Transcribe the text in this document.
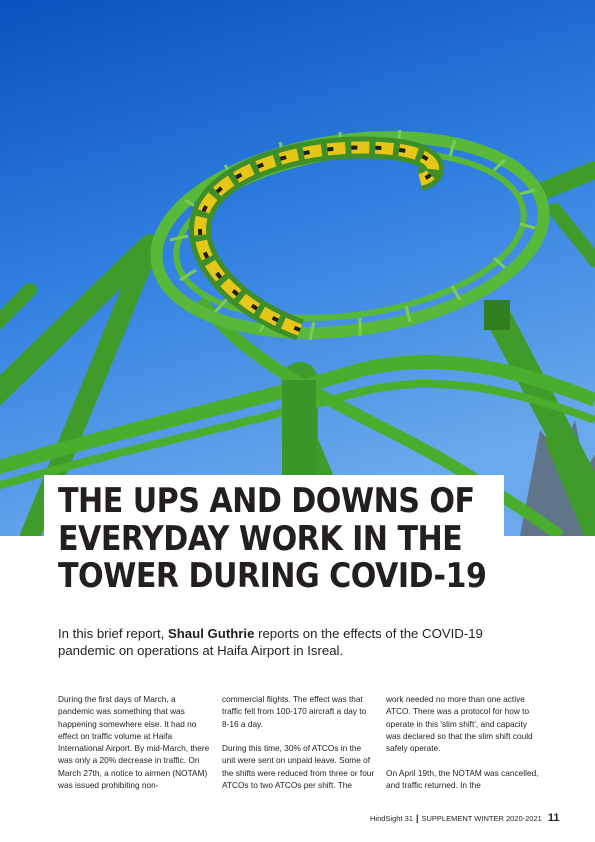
THE UPS AND DOWNS OF
EVERYDAY WORK IN THE
TOWER DURING COVID-19

In this brief report, Shaul Guthrie reports on the effects of the COVID-19 pandemic on operations at Haifa Airport in Isreal.

During the first days of March, a pandemic was something that was happening somewhere else. It had no effect on traffic volume at Haifa International Airport. By mid-March, there was only a 20% decrease in traffic. On March 27th, a notice to airmen (NOTAM) was issued prohibiting non-

commercial flights. The effect was that traffic fell from 100-170 aircraft a day to 8-16 a day.

During this time, 30% of ATCOs in the unit were sent on unpaid leave. Some of the shifts were reduced from three or four ATCOs to two ATCOs per shift. The

work needed no more than one active ATCO. There was a protocol for how to operate in this 'slim shift', and capacity was declared so that the slim shift could safely operate.

On April 19th, the NOTAM was cancelled, and traffic returned. In the

HindSight 31 | SUPPLEMENT WINTER 2020-2021 11
